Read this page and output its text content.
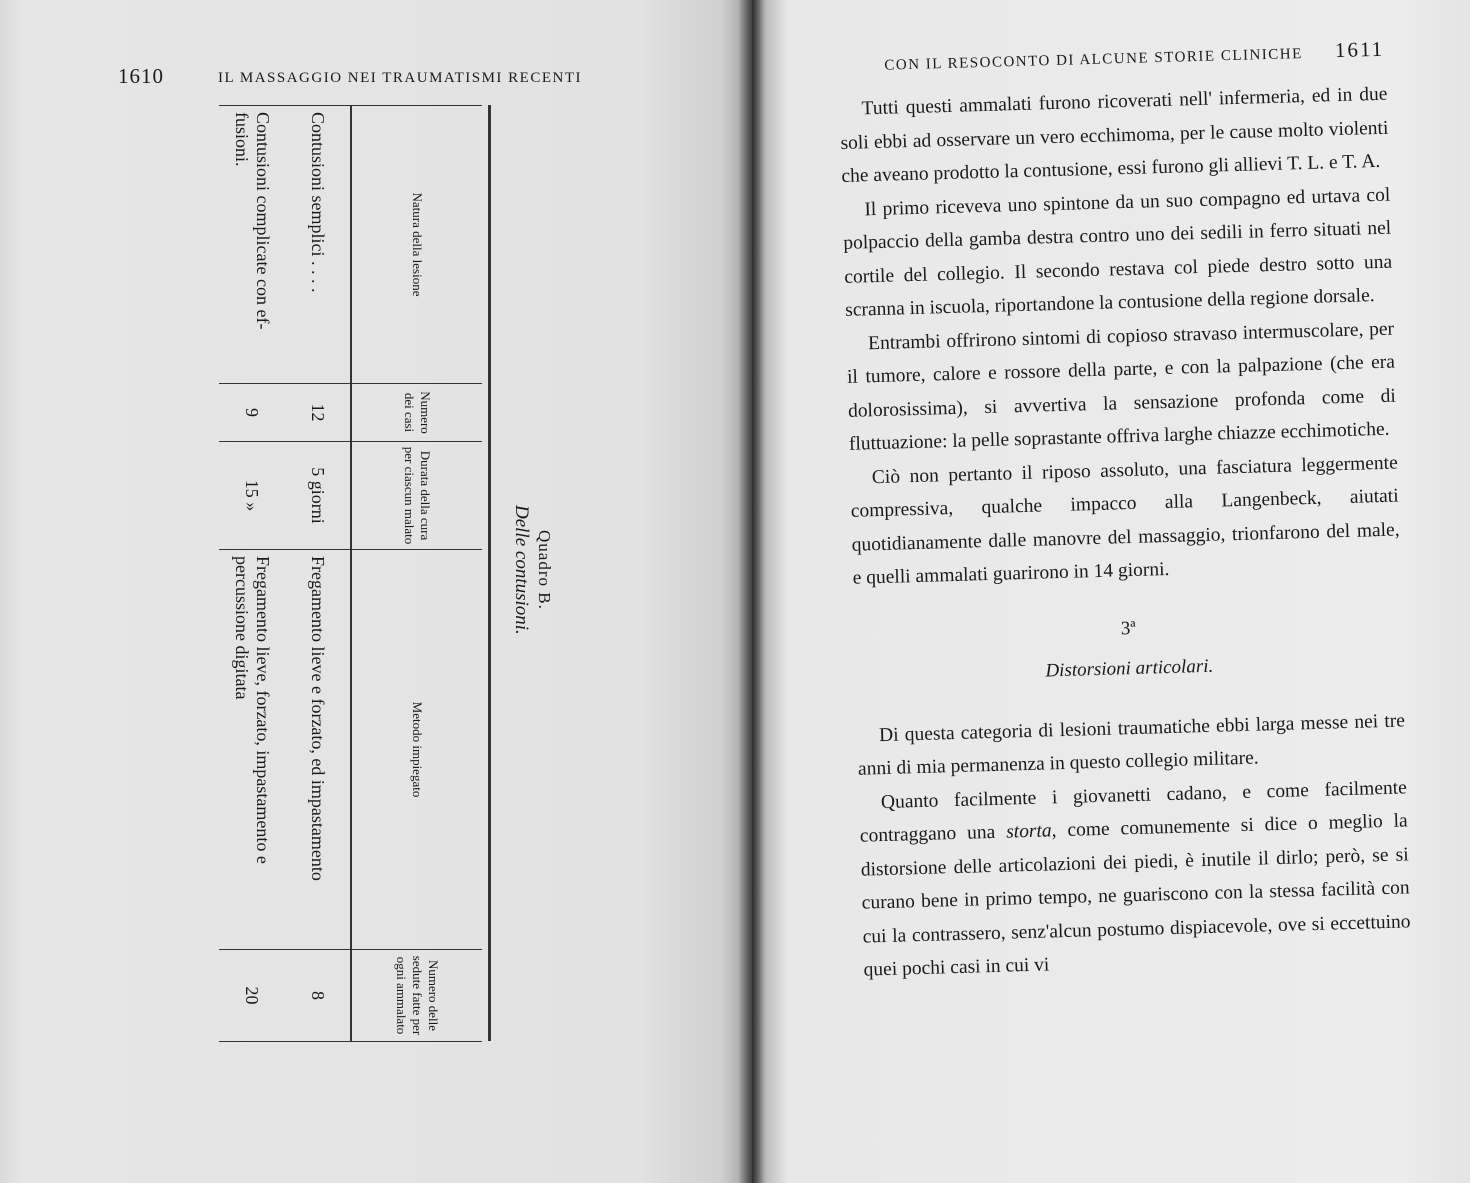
1610	IL MASSAGGIO NEI TRAUMATISMI RECENTI
Quadro B.
Delle contusioni.
Natura della lesione	Numero dei casi	Durata della cura per ciascun malato	Metodo impiegato	Numero delle sedute fatte per ogni ammalato
Contusioni semplici . . . .	12	5 giorni	Fregamento lieve e forzato, ed impastamento	8
Contusioni complicate con ef-fusioni.	9	15 »	Fregamento lieve, forzato, impastamento e percussione digitata	20
CON IL RESOCONTO DI ALCUNE STORIE CLINICHE 1611

Tutti questi ammalati furono ricoverati nell' infermeria, ed in due soli ebbi ad osservare un vero ecchimoma, per le cause molto violenti che aveano prodotto la contusione, essi furono gli allievi T. L. e T. A.

Il primo riceveva uno spintone da un suo compagno ed urtava col polpaccio della gamba destra contro uno dei sedili in ferro situati nel cortile del collegio. Il secondo restava col piede destro sotto una scranna in iscuola, riportandone la contusione della regione dorsale.

Entrambi offrirono sintomi di copioso stravaso intermuscolare, per il tumore, calore e rossore della parte, e con la palpazione (che era dolorosissima), si avvertiva la sensazione profonda come di fluttuazione: la pelle soprastante offriva larghe chiazze ecchimotiche.

Ciò non pertanto il riposo assoluto, una fasciatura leggermente compressiva, qualche impacco alla Langenbeck, aiutati quotidianamente dalle manovre del massaggio, trionfarono del male, e quelli ammalati guarirono in 14 giorni.

3ª
Distorsioni articolari.

Di questa categoria di lesioni traumatiche ebbi larga messe nei tre anni di mia permanenza in questo collegio militare.

Quanto facilmente i giovanetti cadano, e come facilmente contraggano una storta, come comunemente si dice o meglio la distorsione delle articolazioni dei piedi, è inutile il dirlo; però, se si curano bene in primo tempo, ne guariscono con la stessa facilità con cui la contrassero, senz'alcun postumo dispiacevole, ove si eccettuino quei pochi casi in cui vi
